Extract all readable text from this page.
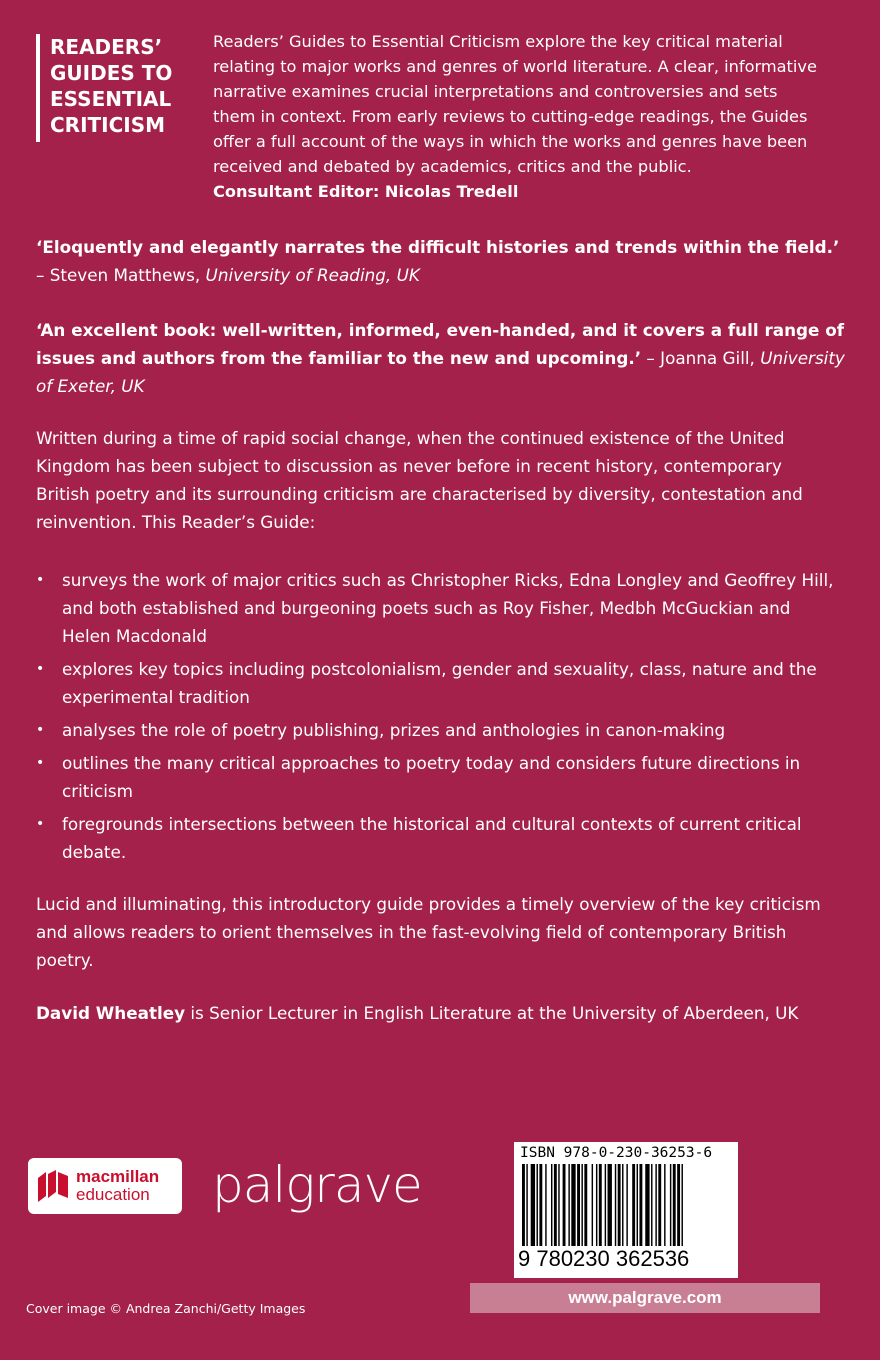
READERS’
GUIDES TO
ESSENTIAL
CRITICISM
Readers’ Guides to Essential Criticism explore the key critical material relating to major works and genres of world literature. A clear, informative narrative examines crucial interpretations and controversies and sets them in context. From early reviews to cutting-edge readings, the Guides offer a full account of the ways in which the works and genres have been received and debated by academics, critics and the public.
Consultant Editor: Nicolas Tredell
‘Eloquently and elegantly narrates the difficult histories and trends within the field.’ – Steven Matthews, University of Reading, UK
‘An excellent book: well-written, informed, even-handed, and it covers a full range of issues and authors from the familiar to the new and upcoming.’ – Joanna Gill, University of Exeter, UK

Written during a time of rapid social change, when the continued existence of the United Kingdom has been subject to discussion as never before in recent history, contemporary British poetry and its surrounding criticism are characterised by diversity, contestation and reinvention. This Reader’s Guide:

• surveys the work of major critics such as Christopher Ricks, Edna Longley and Geoffrey Hill, and both established and burgeoning poets such as Roy Fisher, Medbh McGuckian and Helen Macdonald
• explores key topics including postcolonialism, gender and sexuality, class, nature and the experimental tradition
• analyses the role of poetry publishing, prizes and anthologies in canon-making
• outlines the many critical approaches to poetry today and considers future directions in criticism
• foregrounds intersections between the historical and cultural contexts of current critical debate.

Lucid and illuminating, this introductory guide provides a timely overview of the key criticism and allows readers to orient themselves in the fast-evolving field of contemporary British poetry.

David Wheatley is Senior Lecturer in English Literature at the University of Aberdeen, UK

macmillan
education palgrave
ISBN 978-0-230-36253-6
9 780230 362536
www.palgrave.com
Cover image © Andrea Zanchi/Getty Images
